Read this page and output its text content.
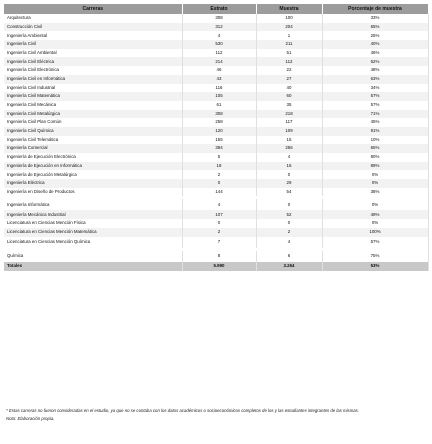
Carreras	Estrato	Muestra	Porcentaje de muestra
Arquitectura	308	100	33%
Construcción Civil	312	204	65%
Ingeniería Ambiental	4	1	25%
Ingeniería Civil	530	211	40%
Ingeniería Civil Ambiental	112	51	46%
Ingeniería Civil Eléctrica	214	112	52%
Ingeniería Civil Electrónica	46	22	48%
Ingeniería Civil en Informática	43	27	63%
Ingeniería Civil Industrial	116	40	34%
Ingeniería Civil Matemática	105	60	57%
Ingeniería Civil Mecánica	61	35	57%
Ingeniería Civil Metalúrgica	308	218	71%
Ingeniería Civil Plan Común	258	117	45%
Ingeniería Civil Química	120	109	91%
Ingeniería Civil Telemática	155	15	10%
Ingeniería Comercial	394	256	65%
Ingeniería de Ejecución Electrónica	5	4	80%
Ingeniería de Ejecución en Informática	18	16	89%
Ingeniería de Ejecución Metalúrgica	2	0	0%
Ingeniería Eléctrica	0	29	0%
Ingeniería en Diseño de Productos	144	54	38%

Ingeniería Informática	4	0	0%
Ingeniería Mecánica Industrial	107	52	49%
Licenciatura en Ciencias Mención Física	0	0	0%
Licenciatura en Ciencias Mención Matemática	2	2	100%
Licenciatura en Ciencias Mención Química	7	4	57%

Química	8	6	75%
Totales	5.990	3.264	53%

* Estas carreras no fueron consideradas en el estudio, ya que no se contaba con los datos académicos o socioeconómicos completos de los y las estudiantes integrantes de las mismas.

Nota: Elaboración propia.
